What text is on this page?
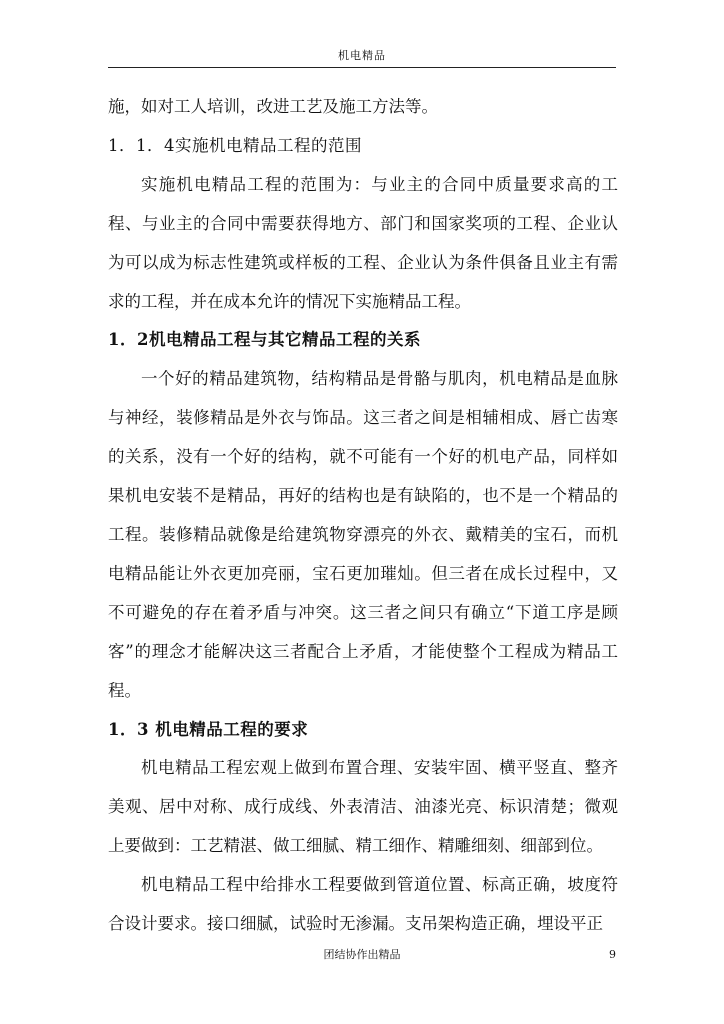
机电精品

施，如对工人培训，改进工艺及施工方法等。

1．1．4实施机电精品工程的范围

实施机电精品工程的范围为：与业主的合同中质量要求高的工程、与业主的合同中需要获得地方、部门和国家奖项的工程、企业认为可以成为标志性建筑或样板的工程、企业认为条件俱备且业主有需求的工程，并在成本允许的情况下实施精品工程。

1．2机电精品工程与其它精品工程的关系

一个好的精品建筑物，结构精品是骨骼与肌肉，机电精品是血脉与神经，装修精品是外衣与饰品。这三者之间是相辅相成、唇亡齿寒的关系，没有一个好的结构，就不可能有一个好的机电产品，同样如果机电安装不是精品，再好的结构也是有缺陷的，也不是一个精品的工程。装修精品就像是给建筑物穿漂亮的外衣、戴精美的宝石，而机电精品能让外衣更加亮丽，宝石更加璀灿。但三者在成长过程中，又不可避免的存在着矛盾与冲突。这三者之间只有确立“下道工序是顾客”的理念才能解决这三者配合上矛盾，才能使整个工程成为精品工程。

1．3 机电精品工程的要求

机电精品工程宏观上做到布置合理、安装牢固、横平竖直、整齐美观、居中对称、成行成线、外表清洁、油漆光亮、标识清楚；微观上要做到：工艺精湛、做工细腻、精工细作、精雕细刻、细部到位。

机电精品工程中给排水工程要做到管道位置、标高正确，坡度符合设计要求。接口细腻，试验时无渗漏。支吊架构造正确，埋设平正

团结协作出精品	9
